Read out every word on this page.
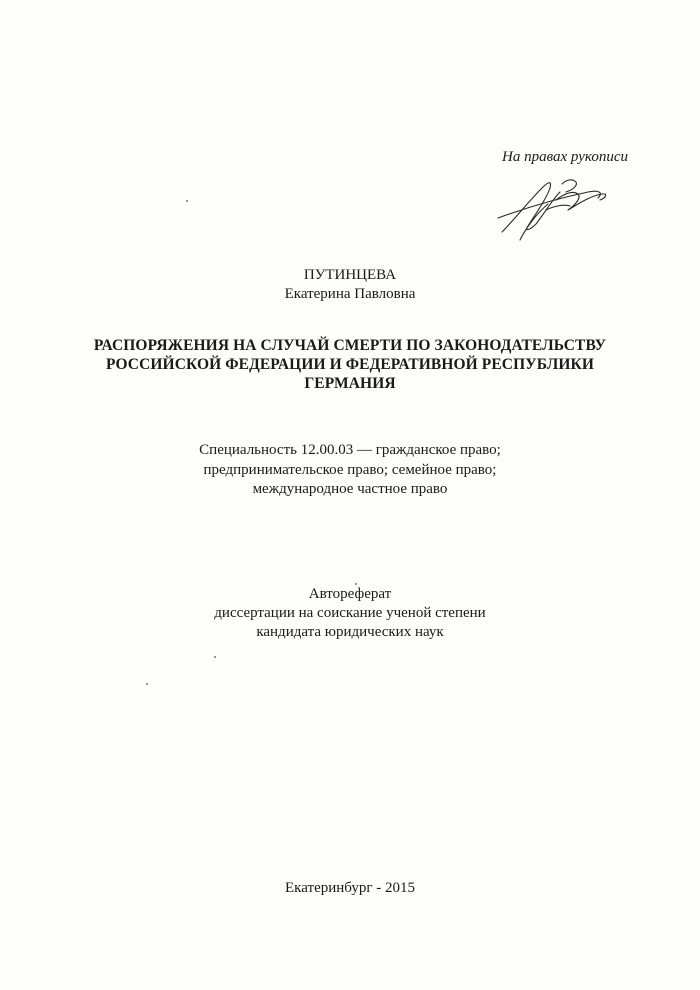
На правах рукописи
ПУТИНЦЕВА
Екатерина Павловна
РАСПОРЯЖЕНИЯ НА СЛУЧАЙ СМЕРТИ ПО ЗАКОНОДАТЕЛЬСТВУ
РОССИЙСКОЙ ФЕДЕРАЦИИ И ФЕДЕРАТИВНОЙ РЕСПУБЛИКИ
ГЕРМАНИЯ
Специальность 12.00.03 — гражданское право;
предпринимательское право; семейное право;
международное частное право
Автореферат
диссертации на соискание ученой степени
кандидата юридических наук
Екатеринбург - 2015
